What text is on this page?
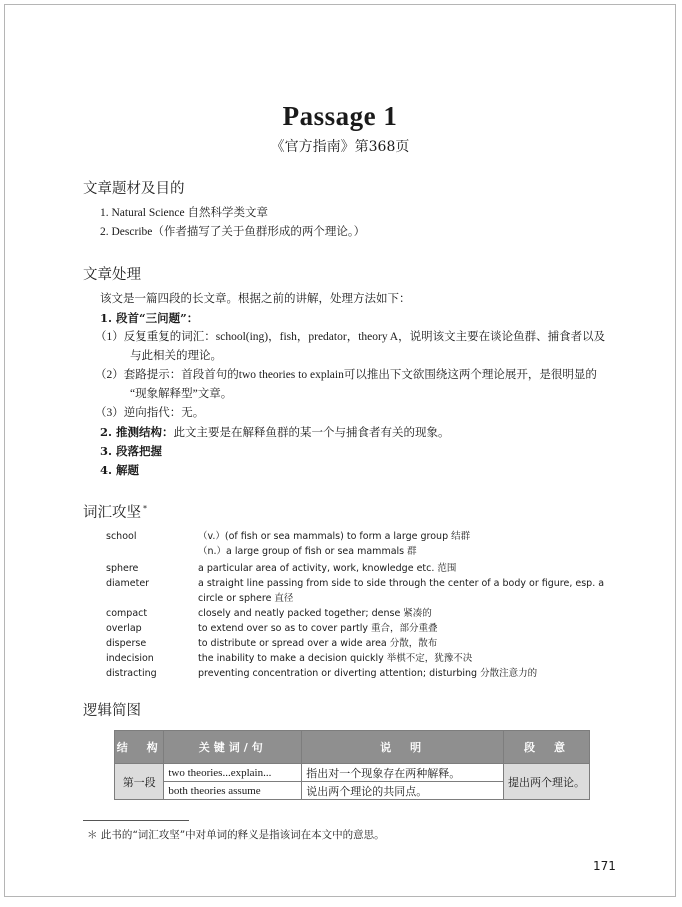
Passage 1
《官方指南》第368页
文章题材及目的
1. Natural Science 自然科学类文章
2. Describe（作者描写了关于鱼群形成的两个理论。）
文章处理
该文是一篇四段的长文章。根据之前的讲解，处理方法如下：
1. 段首“三问题”：
（1）反复重复的词汇：school(ing)，fish，predator，theory A，说明该文主要在谈论鱼群、捕食者以及
与此相关的理论。
（2）套路提示：首段首句的two theories to explain可以推出下文欲围绕这两个理论展开，是很明显的
“现象解释型”文章。
（3）逆向指代：无。
2. 推测结构：此文主要是在解释鱼群的某一个与捕食者有关的现象。
3. 段落把握
4. 解题
词汇攻坚 *
school	（v.）(of fish or sea mammals) to form a large group 结群
（n.）a large group of fish or sea mammals 群
sphere	a particular area of activity, work, knowledge etc. 范围
diameter	a straight line passing from side to side through the center of a body or figure, esp. a
circle or sphere 直径
compact	closely and neatly packed together; dense 紧凑的
overlap	to extend over so as to cover partly 重合，部分重叠
disperse	to distribute or spread over a wide area 分散，散布
indecision	the inability to make a decision quickly 举棋不定，犹豫不决
distracting	preventing concentration or diverting attention; disturbing 分散注意力的
逻辑简图
结　构	关键词/句	说　明	段　意
第一段	two theories...explain...	指出对一个现象存在两种解释。	提出两个理论。
	both theories assume	说出两个理论的共同点。	
＊ 此书的“词汇攻坚”中对单词的释义是指该词在本文中的意思。
171
